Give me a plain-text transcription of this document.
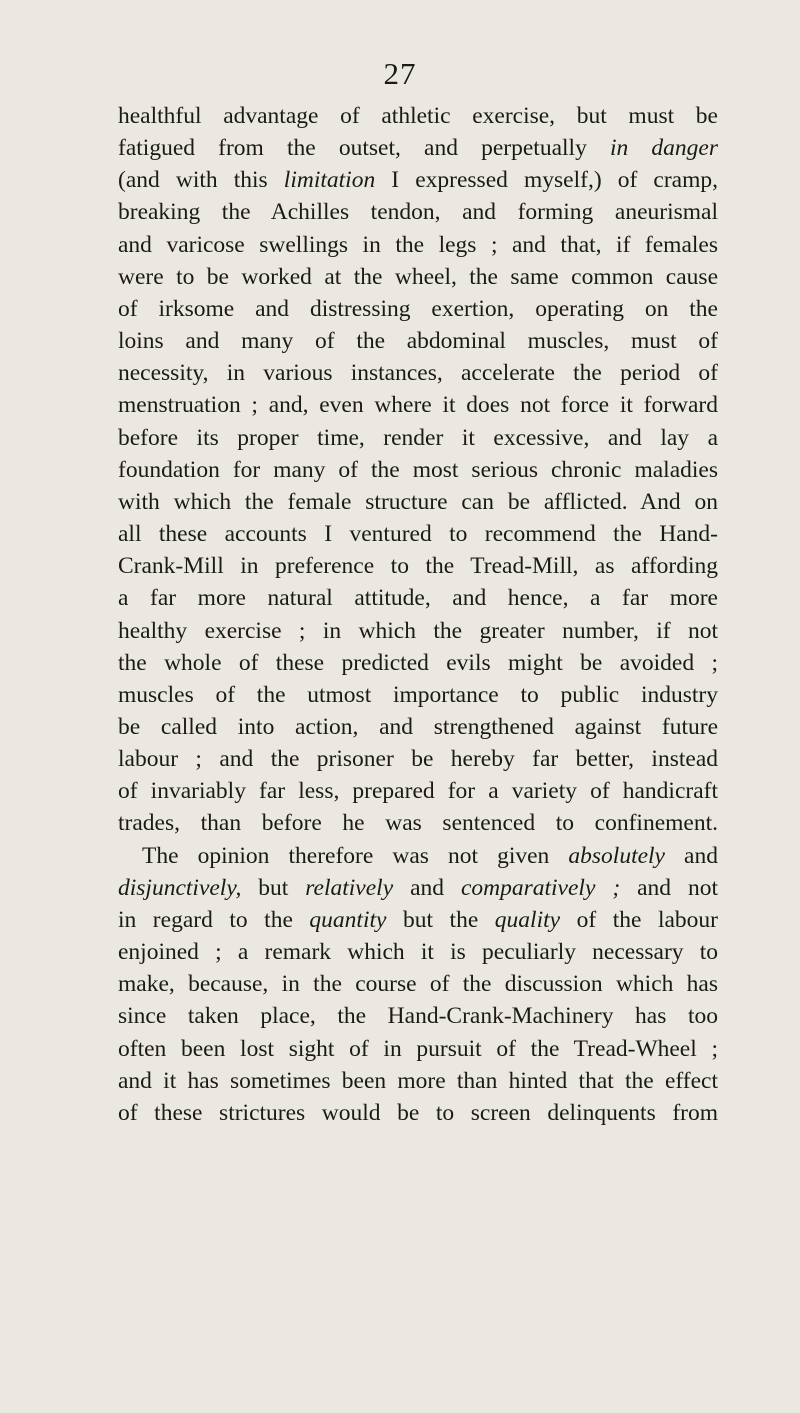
27
healthful advantage of athletic exercise, but must be
fatigued from the outset, and perpetually in danger
(and with this limitation I expressed myself,) of cramp,
breaking the Achilles tendon, and forming aneurismal
and varicose swellings in the legs ; and that, if females
were to be worked at the wheel, the same common cause
of irksome and distressing exertion, operating on the
loins and many of the abdominal muscles, must of
necessity, in various instances, accelerate the period of
menstruation ; and, even where it does not force it forward
before its proper time, render it excessive, and lay a
foundation for many of the most serious chronic maladies
with which the female structure can be afflicted. And on
all these accounts I ventured to recommend the Hand-
Crank-Mill in preference to the Tread-Mill, as affording
a far more natural attitude, and hence, a far more
healthy exercise ; in which the greater number, if not
the whole of these predicted evils might be avoided ;
muscles of the utmost importance to public industry
be called into action, and strengthened against future
labour ; and the prisoner be hereby far better, instead
of invariably far less, prepared for a variety of handicraft
trades, than before he was sentenced to confinement.
The opinion therefore was not given absolutely and
disjunctively, but relatively and comparatively ; and not
in regard to the quantity but the quality of the labour
enjoined ; a remark which it is peculiarly necessary to
make, because, in the course of the discussion which has
since taken place, the Hand-Crank-Machinery has too
often been lost sight of in pursuit of the Tread-Wheel ;
and it has sometimes been more than hinted that the effect
of these strictures would be to screen delinquents from
